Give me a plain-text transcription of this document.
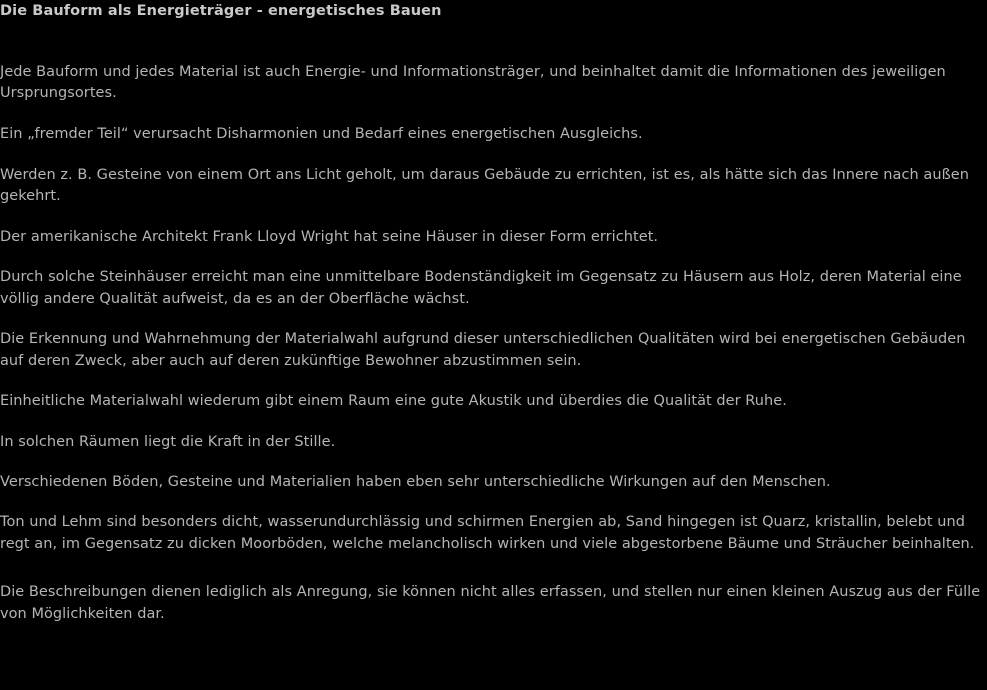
Die Bauform als Energieträger - energetisches Bauen

Jede Bauform und jedes Material ist auch Energie- und Informationsträger, und beinhaltet damit die Informationen des jeweiligen Ursprungsortes.

Ein „fremder Teil“ verursacht Disharmonien und Bedarf eines energetischen Ausgleichs.

Werden z. B. Gesteine von einem Ort ans Licht geholt, um daraus Gebäude zu errichten, ist es, als hätte sich das Innere nach außen gekehrt.

Der amerikanische Architekt Frank Lloyd Wright hat seine Häuser in dieser Form errichtet.

Durch solche Steinhäuser erreicht man eine unmittelbare Bodenständigkeit im Gegensatz zu Häusern aus Holz, deren Material eine völlig andere Qualität aufweist, da es an der Oberfläche wächst.

Die Erkennung und Wahrnehmung der Materialwahl aufgrund dieser unterschiedlichen Qualitäten wird bei energetischen Gebäuden auf deren Zweck, aber auch auf deren zukünftige Bewohner abzustimmen sein.

Einheitliche Materialwahl wiederum gibt einem Raum eine gute Akustik und überdies die Qualität der Ruhe.

In solchen Räumen liegt die Kraft in der Stille.

Verschiedenen Böden, Gesteine und Materialien haben eben sehr unterschiedliche Wirkungen auf den Menschen.

Ton und Lehm sind besonders dicht, wasserundurchlässig und schirmen Energien ab, Sand hingegen ist Quarz, kristallin, belebt und regt an, im Gegensatz zu dicken Moorböden, welche melancholisch wirken und viele abgestorbene Bäume und Sträucher beinhalten.

Die Beschreibungen dienen lediglich als Anregung, sie können nicht alles erfassen, und stellen nur einen kleinen Auszug aus der Fülle von Möglichkeiten dar.
